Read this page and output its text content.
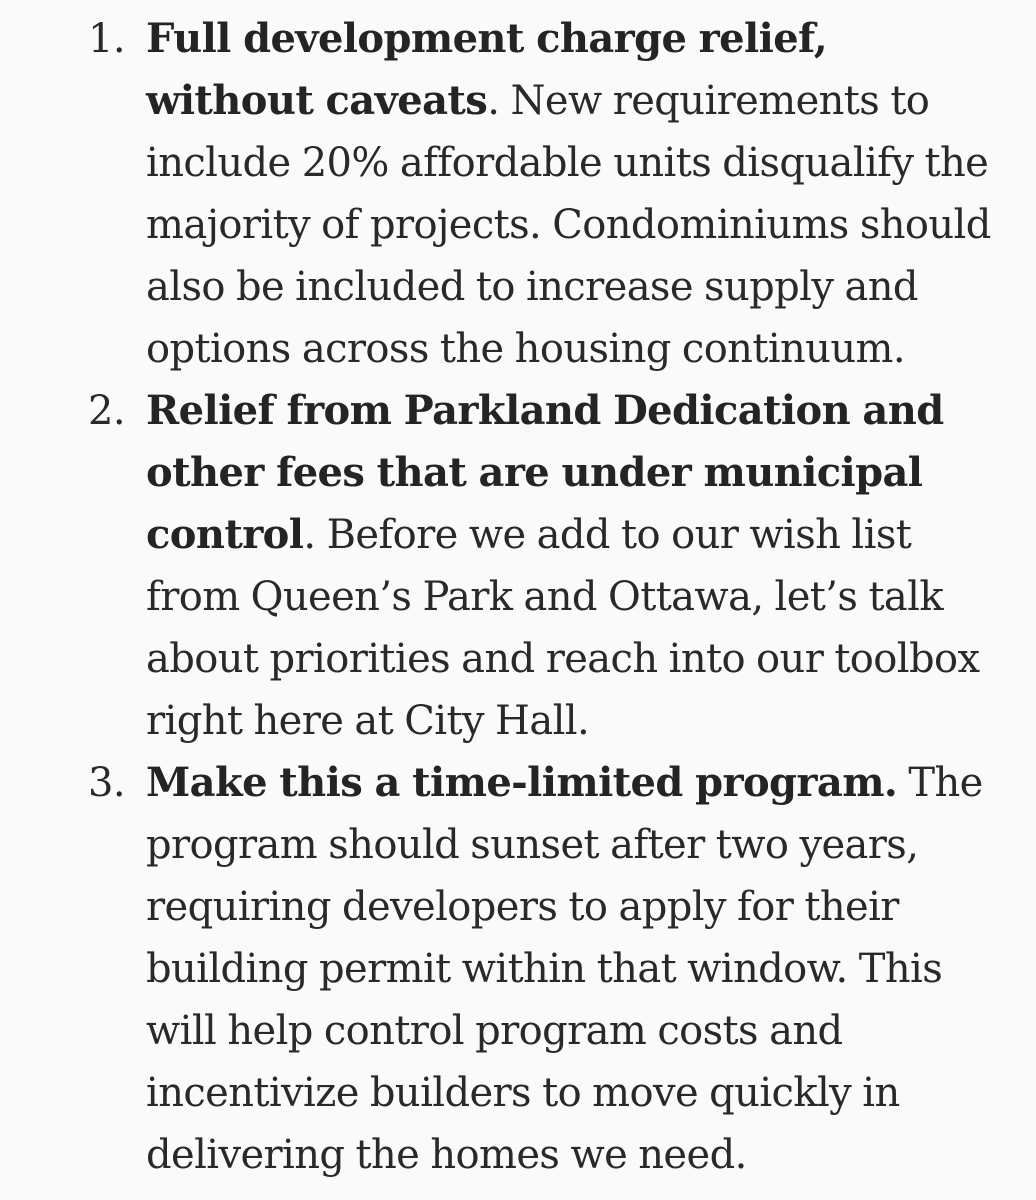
1. Full development charge relief, without caveats. New requirements to include 20% affordable units disqualify the majority of projects. Condominiums should also be included to increase supply and options across the housing continuum.
2. Relief from Parkland Dedication and other fees that are under municipal control. Before we add to our wish list from Queen’s Park and Ottawa, let’s talk about priorities and reach into our toolbox right here at City Hall.
3. Make this a time-limited program. The program should sunset after two years, requiring developers to apply for their building permit within that window. This will help control program costs and incentivize builders to move quickly in delivering the homes we need.
